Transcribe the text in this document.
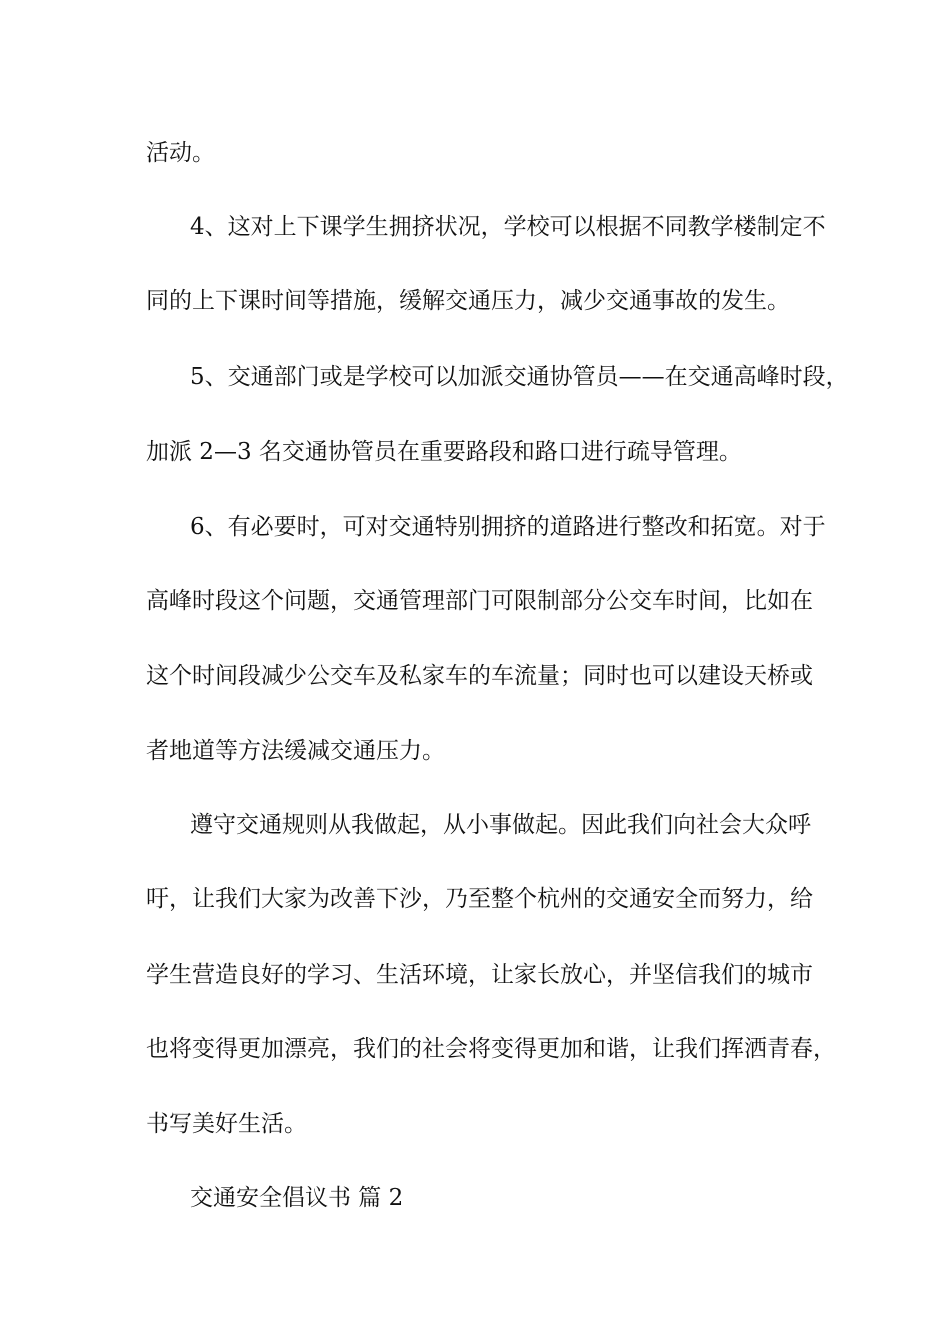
活动。
4、这对上下课学生拥挤状况，学校可以根据不同教学楼制定不
同的上下课时间等措施，缓解交通压力，减少交通事故的发生。
5、交通部门或是学校可以加派交通协管员——在交通高峰时段，
加派 2—3 名交通协管员在重要路段和路口进行疏导管理。
6、有必要时，可对交通特别拥挤的道路进行整改和拓宽。对于
高峰时段这个问题，交通管理部门可限制部分公交车时间，比如在
这个时间段减少公交车及私家车的车流量；同时也可以建设天桥或
者地道等方法缓减交通压力。
遵守交通规则从我做起，从小事做起。因此我们向社会大众呼
吁，让我们大家为改善下沙，乃至整个杭州的交通安全而努力，给
学生营造良好的学习、生活环境，让家长放心，并坚信我们的城市
也将变得更加漂亮，我们的社会将变得更加和谐，让我们挥洒青春，
书写美好生活。
交通安全倡议书 篇 2
